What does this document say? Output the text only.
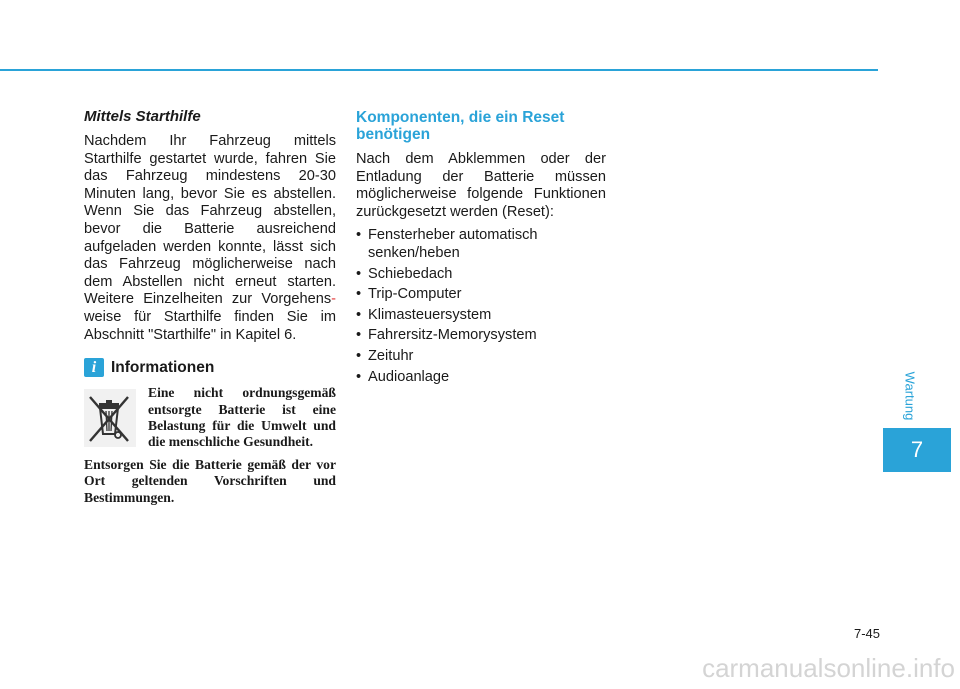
Mittels Starthilfe

Nachdem Ihr Fahrzeug mittels Starthilfe gestartet wurde, fahren Sie das Fahrzeug mindestens 20-30 Minuten lang, bevor Sie es abstellen. Wenn Sie das Fahrzeug abstellen, bevor die Batterie ausreichend aufgeladen werden konnte, lässt sich das Fahrzeug möglicherweise nach dem Abstellen nicht erneut starten. Weitere Einzelheiten zur Vorgehens- weise für Starthilfe finden Sie im Abschnitt "Starthilfe" in Kapitel 6.

i Informationen
Eine nicht ordnungsgemäß entsorgte Batterie ist eine Belastung für die Umwelt und die menschliche Gesundheit.
Entsorgen Sie die Batterie gemäß der vor Ort geltenden Vorschriften und Bestimmungen.
Komponenten, die ein Reset benötigen

Nach dem Abklemmen oder der Entladung der Batterie müssen möglicherweise folgende Funktionen zurückgesetzt werden (Reset):

• Fensterheber automatisch senken/heben
• Schiebedach
• Trip-Computer
• Klimasteuersystem
• Fahrersitz-Memorysystem
• Zeituhr
• Audioanlage	Wartung
7
7-45
carmanualsonline.info
